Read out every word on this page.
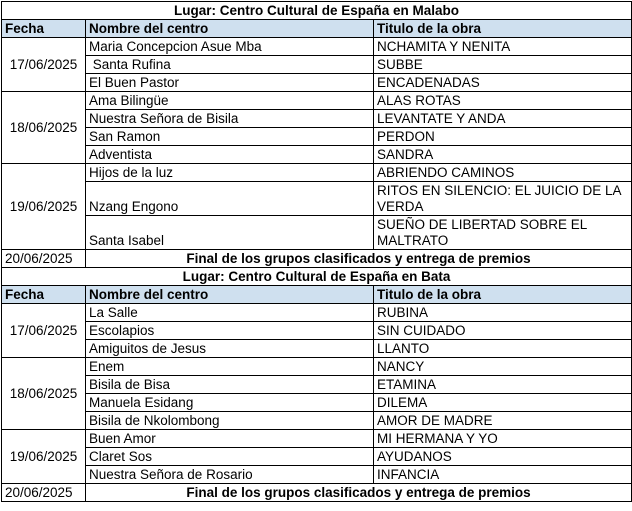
Lugar: Centro Cultural de España en Malabo		
Fecha	Nombre del centro	Titulo de la obra
17/06/2025	Maria Concepcion Asue Mba	NCHAMITA Y NENITA
	Santa Rufina	SUBBE
	El Buen Pastor	ENCADENADAS
18/06/2025	Ama Bilingüe	ALAS ROTAS
	Nuestra Señora de Bisila	LEVANTATE Y ANDA
	San Ramon	PERDON
	Adventista	SANDRA
19/06/2025	Hijos de la luz	ABRIENDO CAMINOS
	Nzang Engono	RITOS EN SILENCIO: EL JUICIO DE LA VERDA
	Santa Isabel	SUEÑO DE LIBERTAD SOBRE EL MALTRATO
20/06/2025	Final de los grupos clasificados y entrega de premios	
Lugar: Centro Cultural de España en Bata		
Fecha	Nombre del centro	Titulo de la obra
17/06/2025	La Salle	RUBINA
	Escolapios	SIN CUIDADO
	Amiguitos de Jesus	LLANTO
18/06/2025	Enem	NANCY
	Bisila de Bisa	ETAMINA
	Manuela Esidang	DILEMA
	Bisila de Nkolombong	AMOR DE MADRE
19/06/2025	Buen Amor	MI HERMANA Y YO
	Claret Sos	AYUDANOS
	Nuestra Señora de Rosario	INFANCIA
20/06/2025	Final de los grupos clasificados y entrega de premios	
